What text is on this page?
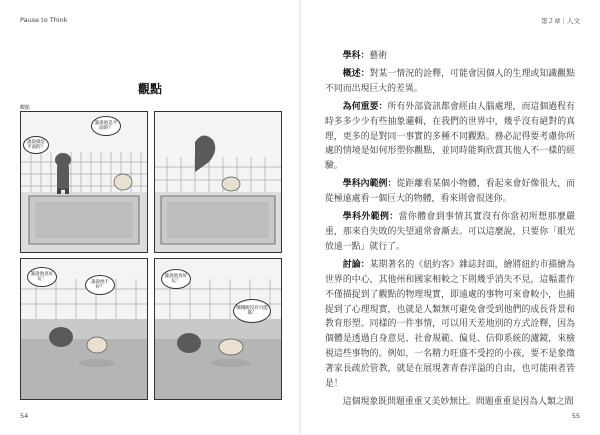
Pause to Think
54
觀點
觀點
誰說池是平面的？
誰說湖是平面的？
誰說池真好玩！	誰說池不好？
誰說池真好玩！
哦哦喔沒有可能耶！
第２章｜人文
55

學科：藝術

概述：對某一情況的詮釋，可能會因個人的生理或知識觀點不同而出現巨大的差異。

為何重要：所有外部資訊都會經由人腦處理，而這個過程有時多多少少有些抽象邏輯，在我們的世界中，幾乎沒有絕對的真理，更多的是對同一事實的多種不同觀點。務必記得要考慮你所處的情境是如何形塑你觀點，並同時能夠欣賞其他人不一樣的經驗。

學科內範例：從距離看某個小物體，看起來會好像很大，而從極遠處看一個巨大的物體，看來則會很迷你。

學科外範例：當你體會到事情其實沒有你當初所想那麼嚴重，那來自失敗的失望通常會漸去。可以這麼說，只要你「眼光放遠一點」就行了。

討論：某期著名的《紐約客》雜誌封面，繪將紐約市描繪為世界的中心，其他州和國家相較之下則幾乎消失不見，這幅畫作不僅描捉到了觀點的物理現實，即遠處的事物可來會較小，也捕捉到了心理現實，也就是人類無可避免會受到他們的成長背景和教育形塑。同樣的一件事情，可以用天差地別的方式詮釋，因為個體是透過自身意見、社會規範、偏見、信仰系統的濾鏡，來檢視這些事物的。例如，一名精力旺盛不受控的小孩，要不是象徵著家長疏於管教，就是在展現著青春洋溢的自由，也可能兩者皆是！

這個現象既問題重重又美妙無比。問題重重是因為人類之間
